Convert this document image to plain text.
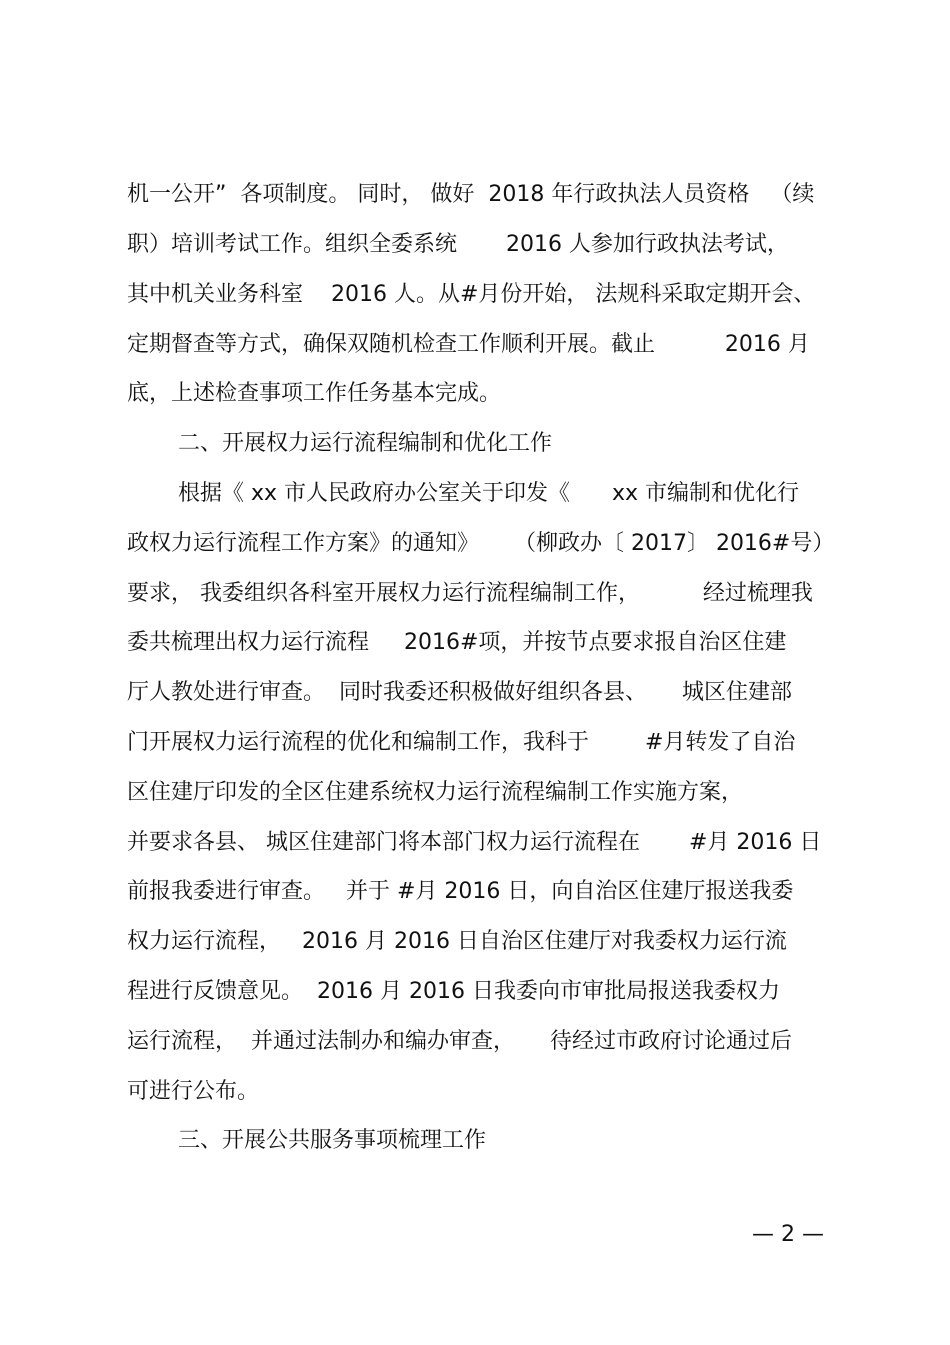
机一公开”  各项制度。 同时， 做好  2018 年行政执法人员资格   （续
职）培训考试工作。组织全委系统       2016 人参加行政执法考试，
其中机关业务科室    2016 人。从#月份开始， 法规科采取定期开会、
定期督查等方式，确保双随机检查工作顺利开展。截止          2016 月
底，上述检查事项工作任务基本完成。
二、开展权力运行流程编制和优化工作
根据《 xx 市人民政府办公室关于印发《      xx 市编制和优化行
政权力运行流程工作方案》的通知》     （柳政办〔 2017〕 2016#号）
要求， 我委组织各科室开展权力运行流程编制工作，         经过梳理我
委共梳理出权力运行流程     2016#项，并按节点要求报自治区住建
厅人教处进行审查。  同时我委还积极做好组织各县、     城区住建部
门开展权力运行流程的优化和编制工作，我科于        #月转发了自治
区住建厅印发的全区住建系统权力运行流程编制工作实施方案，
并要求各县、 城区住建部门将本部门权力运行流程在       #月 2016 日
前报我委进行审查。   并于 #月 2016 日，向自治区住建厅报送我委
权力运行流程，   2016 月 2016 日自治区住建厅对我委权力运行流
程进行反馈意见。  2016 月 2016 日我委向市审批局报送我委权力
运行流程，  并通过法制办和编办审查，     待经过市政府讨论通过后
可进行公布。
三、开展公共服务事项梳理工作
— 2 —
